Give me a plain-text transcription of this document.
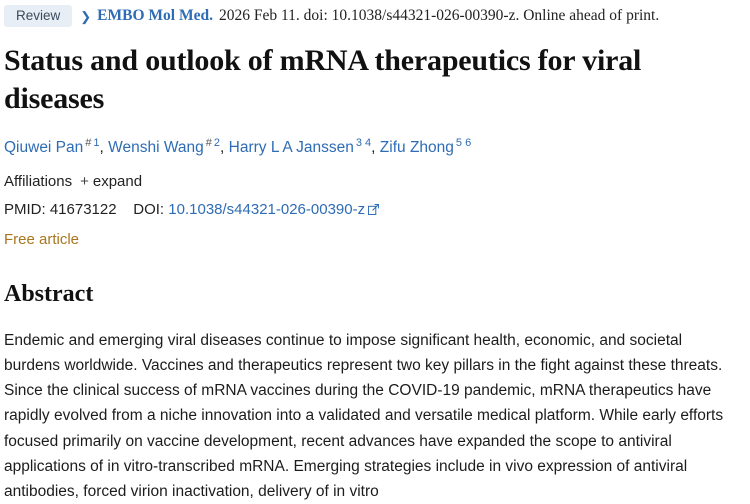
Review	❯ EMBO Mol Med. 2026 Feb 11. doi: 10.1038/s44321-026-00390-z. Online ahead of print.
Status and outlook of mRNA therapeutics for viral diseases
Qiuwei Pan # $^1$, Wenshi Wang # $^2$, Harry L A Janssen $^{3 4}$, Zifu Zhong $^{5 6}$
Affiliations + expand
PMID: 41673122 DOI: 10.1038/s44321-026-00390-z
Free article
Abstract
Endemic and emerging viral diseases continue to impose significant health, economic, and societal burdens worldwide. Vaccines and therapeutics represent two key pillars in the fight against these threats. Since the clinical success of mRNA vaccines during the COVID-19 pandemic, mRNA therapeutics have rapidly evolved from a niche innovation into a validated and versatile medical platform. While early efforts focused primarily on vaccine development, recent advances have expanded the scope to antiviral applications of in vitro-transcribed mRNA. Emerging strategies include in vivo expression of antiviral antibodies, forced virion inactivation, delivery of in vitro
